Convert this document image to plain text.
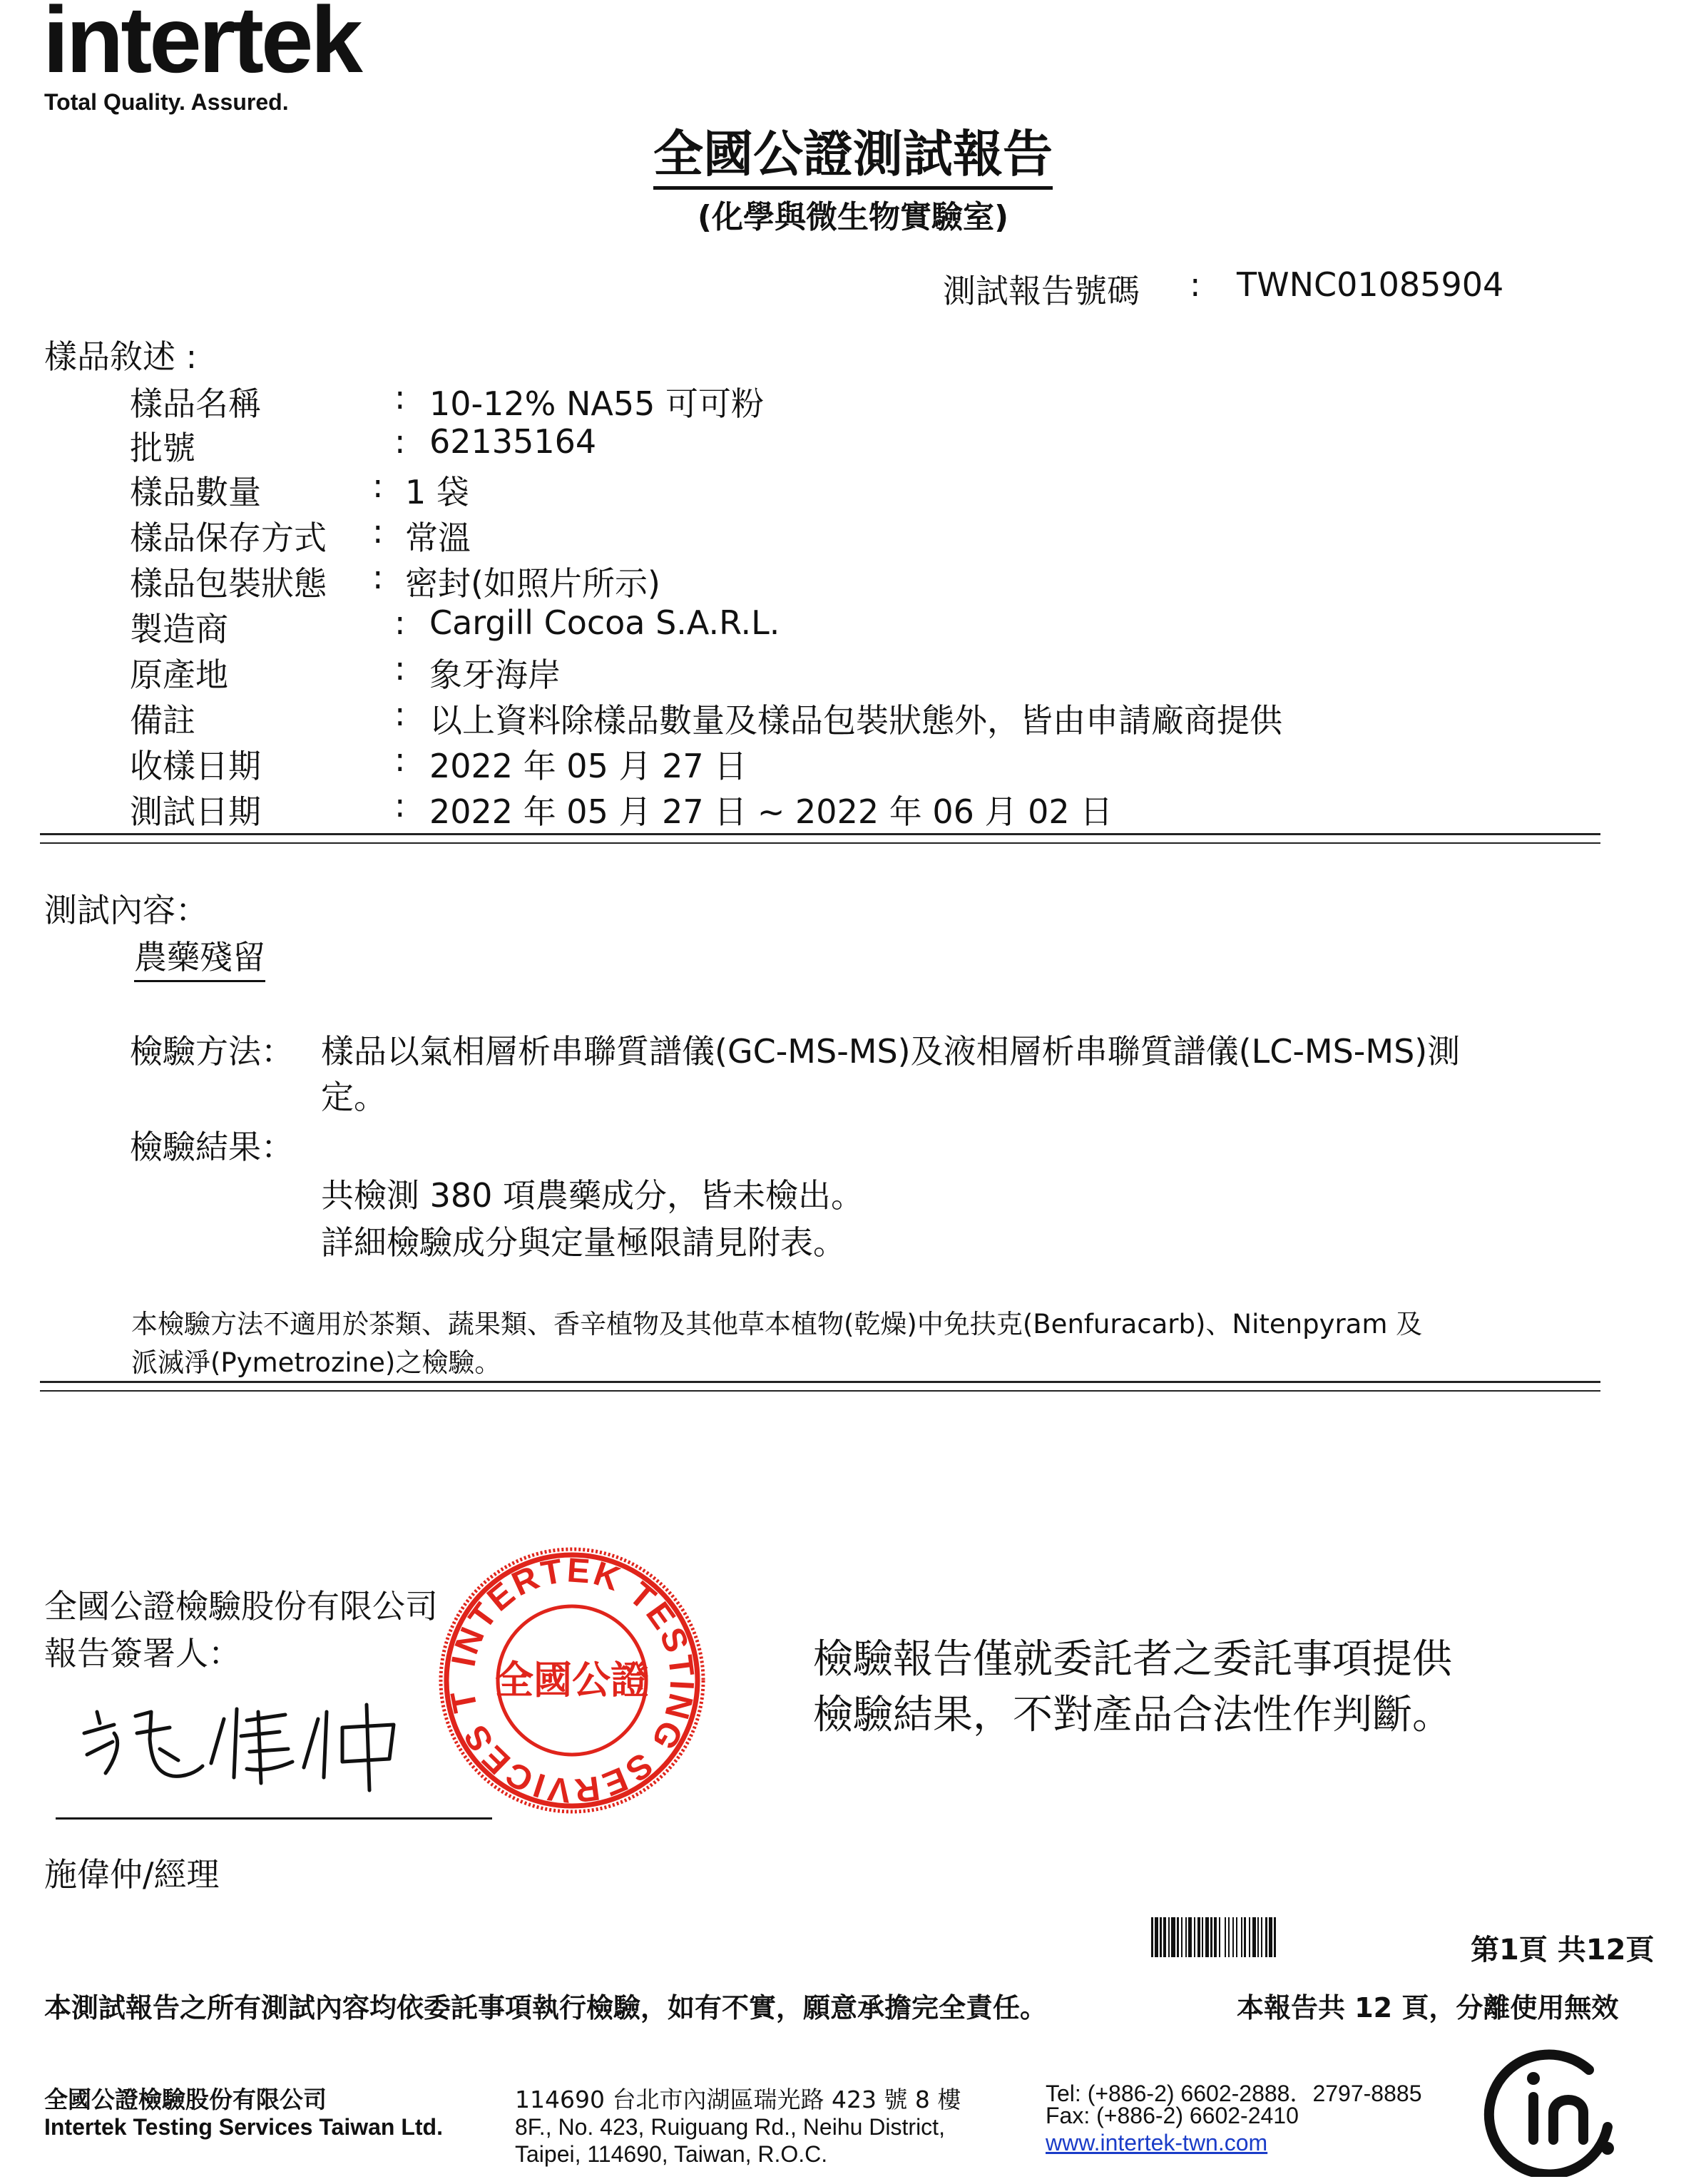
intertek
Total Quality. Assured.
全國公證測試報告
(化學與微生物實驗室)
測試報告號碼 : TWNC01085904
樣品敘述 :
樣品名稱	: 10-12% NA55 可可粉
批號	: 62135164
樣品數量	: 1 袋
樣品保存方式 : 常溫
樣品包裝狀態 : 密封(如照片所示)
製造商	: Cargill Cocoa S.A.R.L.
原產地	: 象牙海岸
備註	: 以上資料除樣品數量及樣品包裝狀態外，皆由申請廠商提供
收樣日期	: 2022 年 05 月 27 日
測試日期	: 2022 年 05 月 27 日 ~ 2022 年 06 月 02 日
測試內容：
農藥殘留
檢驗方法： 樣品以氣相層析串聯質譜儀(GC-MS-MS)及液相層析串聯質譜儀(LC-MS-MS)測
定。
檢驗結果：
共檢測 380 項農藥成分，皆未檢出。
詳細檢驗成分與定量極限請見附表。
本檢驗方法不適用於茶類、蔬果類、香辛植物及其他草本植物(乾燥)中免扶克(Benfuracarb)、Nitenpyram 及
派滅淨(Pymetrozine)之檢驗。
全國公證檢驗股份有限公司
報告簽署人：
施偉仲/經理
INTERTEK TESTING SERVICES T 全國公證	檢驗報告僅就委託者之委託事項提供
檢驗結果，不對產品合法性作判斷。
第1頁 共12頁
本測試報告之所有測試內容均依委託事項執行檢驗，如有不實，願意承擔完全責任。	本報告共 12 頁，分離使用無效
全國公證檢驗股份有限公司
Intertek Testing Services Taiwan Ltd.
114690 台北市內湖區瑞光路 423 號 8 樓
8F., No. 423, Ruiguang Rd., Neihu District,
Taipei, 114690, Taiwan, R.O.C.
Tel: (+886-2) 6602-2888．2797-8885
Fax: (+886-2) 6602-2410
www.intertek-twn.com
